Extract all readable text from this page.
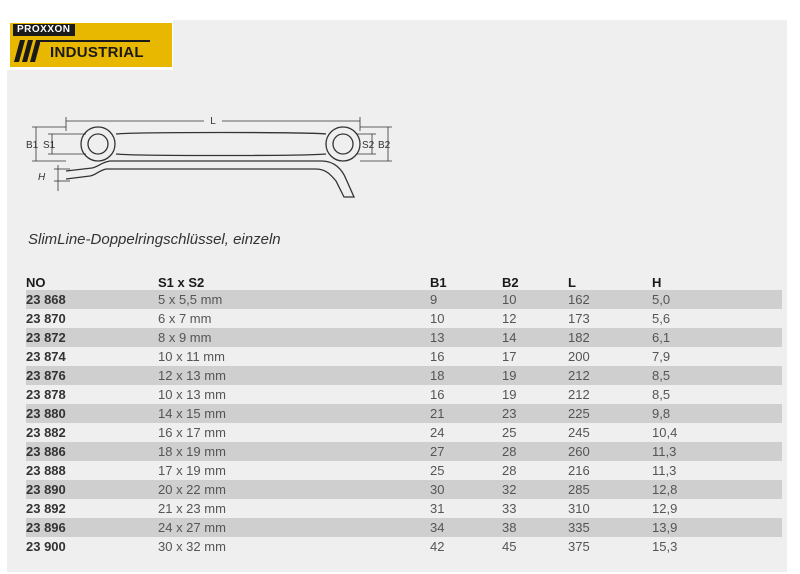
PROXXON
INDUSTRIAL
L
B1 S1	S2 B2
H
SlimLine-Doppelringschlüssel, einzeln
NO	S1 x S2	B1	B2	L	H
23 868	5 x 5,5 mm	9	10	162	5,0
23 870	6 x 7 mm	10	12	173	5,6
23 872	8 x 9 mm	13	14	182	6,1
23 874	10 x 11 mm	16	17	200	7,9
23 876	12 x 13 mm	18	19	212	8,5
23 878	10 x 13 mm	16	19	212	8,5
23 880	14 x 15 mm	21	23	225	9,8
23 882	16 x 17 mm	24	25	245	10,4
23 886	18 x 19 mm	27	28	260	11,3
23 888	17 x 19 mm	25	28	216	11,3
23 890	20 x 22 mm	30	32	285	12,8
23 892	21 x 23 mm	31	33	310	12,9
23 896	24 x 27 mm	34	38	335	13,9
23 900	30 x 32 mm	42	45	375	15,3
